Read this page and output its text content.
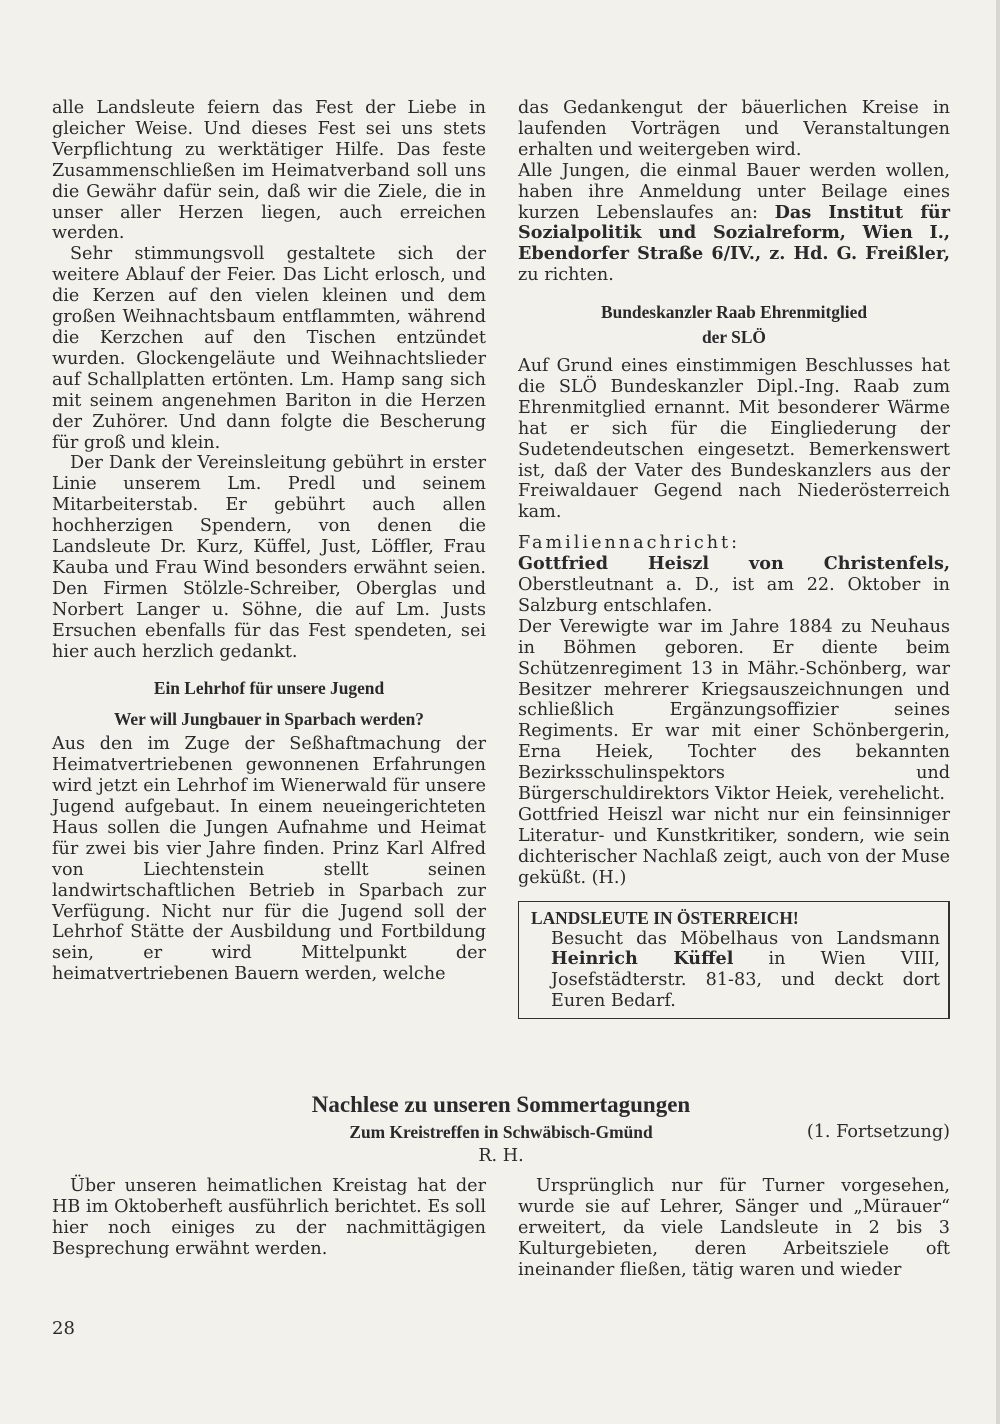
alle Landsleute feiern das Fest der Liebe in gleicher Weise. Und dieses Fest sei uns stets Verpflichtung zu werktätiger Hilfe. Das feste Zusammenschließen im Heimatverband soll uns die Gewähr dafür sein, daß wir die Ziele, die in unser aller Herzen liegen, auch erreichen werden.

Sehr stimmungsvoll gestaltete sich der weitere Ablauf der Feier. Das Licht erlosch, und die Kerzen auf den vielen kleinen und dem großen Weihnachtsbaum entflammten, während die Kerzchen auf den Tischen entzündet wurden. Glockengeläute und Weihnachtslieder auf Schallplatten ertönten. Lm. Hamp sang sich mit seinem angenehmen Bariton in die Herzen der Zuhörer. Und dann folgte die Bescherung für groß und klein.

Der Dank der Vereinsleitung gebührt in erster Linie unserem Lm. Predl und seinem Mitarbeiterstab. Er gebührt auch allen hochherzigen Spendern, von denen die Landsleute Dr. Kurz, Küffel, Just, Löffler, Frau Kauba und Frau Wind besonders erwähnt seien. Den Firmen Stölzle-Schreiber, Oberglas und Norbert Langer u. Söhne, die auf Lm. Justs Ersuchen ebenfalls für das Fest spendeten, sei hier auch herzlich gedankt.

Ein Lehrhof für unsere Jugend

Wer will Jungbauer in Sparbach werden?

Aus den im Zuge der Seßhaftmachung der Heimatvertriebenen gewonnenen Erfahrungen wird jetzt ein Lehrhof im Wienerwald für unsere Jugend aufgebaut. In einem neueingerichteten Haus sollen die Jungen Aufnahme und Heimat für zwei bis vier Jahre finden. Prinz Karl Alfred von Liechtenstein stellt seinen landwirtschaftlichen Betrieb in Sparbach zur Verfügung. Nicht nur für die Jugend soll der Lehrhof Stätte der Ausbildung und Fortbildung sein, er wird Mittelpunkt der heimatvertriebenen Bauern werden, welche

das Gedankengut der bäuerlichen Kreise in laufenden Vorträgen und Veranstaltungen erhalten und weitergeben wird.

Alle Jungen, die einmal Bauer werden wollen, haben ihre Anmeldung unter Beilage eines kurzen Lebenslaufes an: Das Institut für Sozialpolitik und Sozialreform, Wien I., Ebendorfer Straße 6/IV., z. Hd. G. Freißler, zu richten.

Bundeskanzler Raab Ehrenmitglied

der SLÖ

Auf Grund eines einstimmigen Beschlusses hat die SLÖ Bundeskanzler Dipl.-Ing. Raab zum Ehrenmitglied ernannt. Mit besonderer Wärme hat er sich für die Eingliederung der Sudetendeutschen eingesetzt. Bemerkenswert ist, daß der Vater des Bundeskanzlers aus der Freiwaldauer Gegend nach Niederösterreich kam.

Familiennachricht:

Gottfried Heiszl von Christenfels, Oberstleutnant a. D., ist am 22. Oktober in Salzburg entschlafen.

Der Verewigte war im Jahre 1884 zu Neuhaus in Böhmen geboren. Er diente beim Schützenregiment 13 in Mähr.-Schönberg, war Besitzer mehrerer Kriegsauszeichnungen und schließlich Ergänzungsoffizier seines Regiments. Er war mit einer Schönbergerin, Erna Heiek, Tochter des bekannten Bezirksschulinspektors und Bürgerschuldirektors Viktor Heiek, verehelicht.

Gottfried Heiszl war nicht nur ein feinsinniger Literatur- und Kunstkritiker, sondern, wie sein dichterischer Nachlaß zeigt, auch von der Muse geküßt. (H.)

LANDSLEUTE IN ÖSTERREICH!
Besucht das Möbelhaus von Landsmann Heinrich Küffel in Wien VIII, Josefstädterstr. 81-83, und deckt dort Euren Bedarf.
Nachlese zu unseren Sommertagungen
Zum Kreistreffen in Schwäbisch-Gmünd	(1. Fortsetzung)
R. H.

Über unseren heimatlichen Kreistag hat der HB im Oktoberheft ausführlich berichtet. Es soll hier noch einiges zu der nachmittägigen Besprechung erwähnt werden.

Ursprünglich nur für Turner vorgesehen, wurde sie auf Lehrer, Sänger und „Mürauer“ erweitert, da viele Landsleute in 2 bis 3 Kulturgebieten, deren Arbeitsziele oft ineinander fließen, tätig waren und wieder

28
